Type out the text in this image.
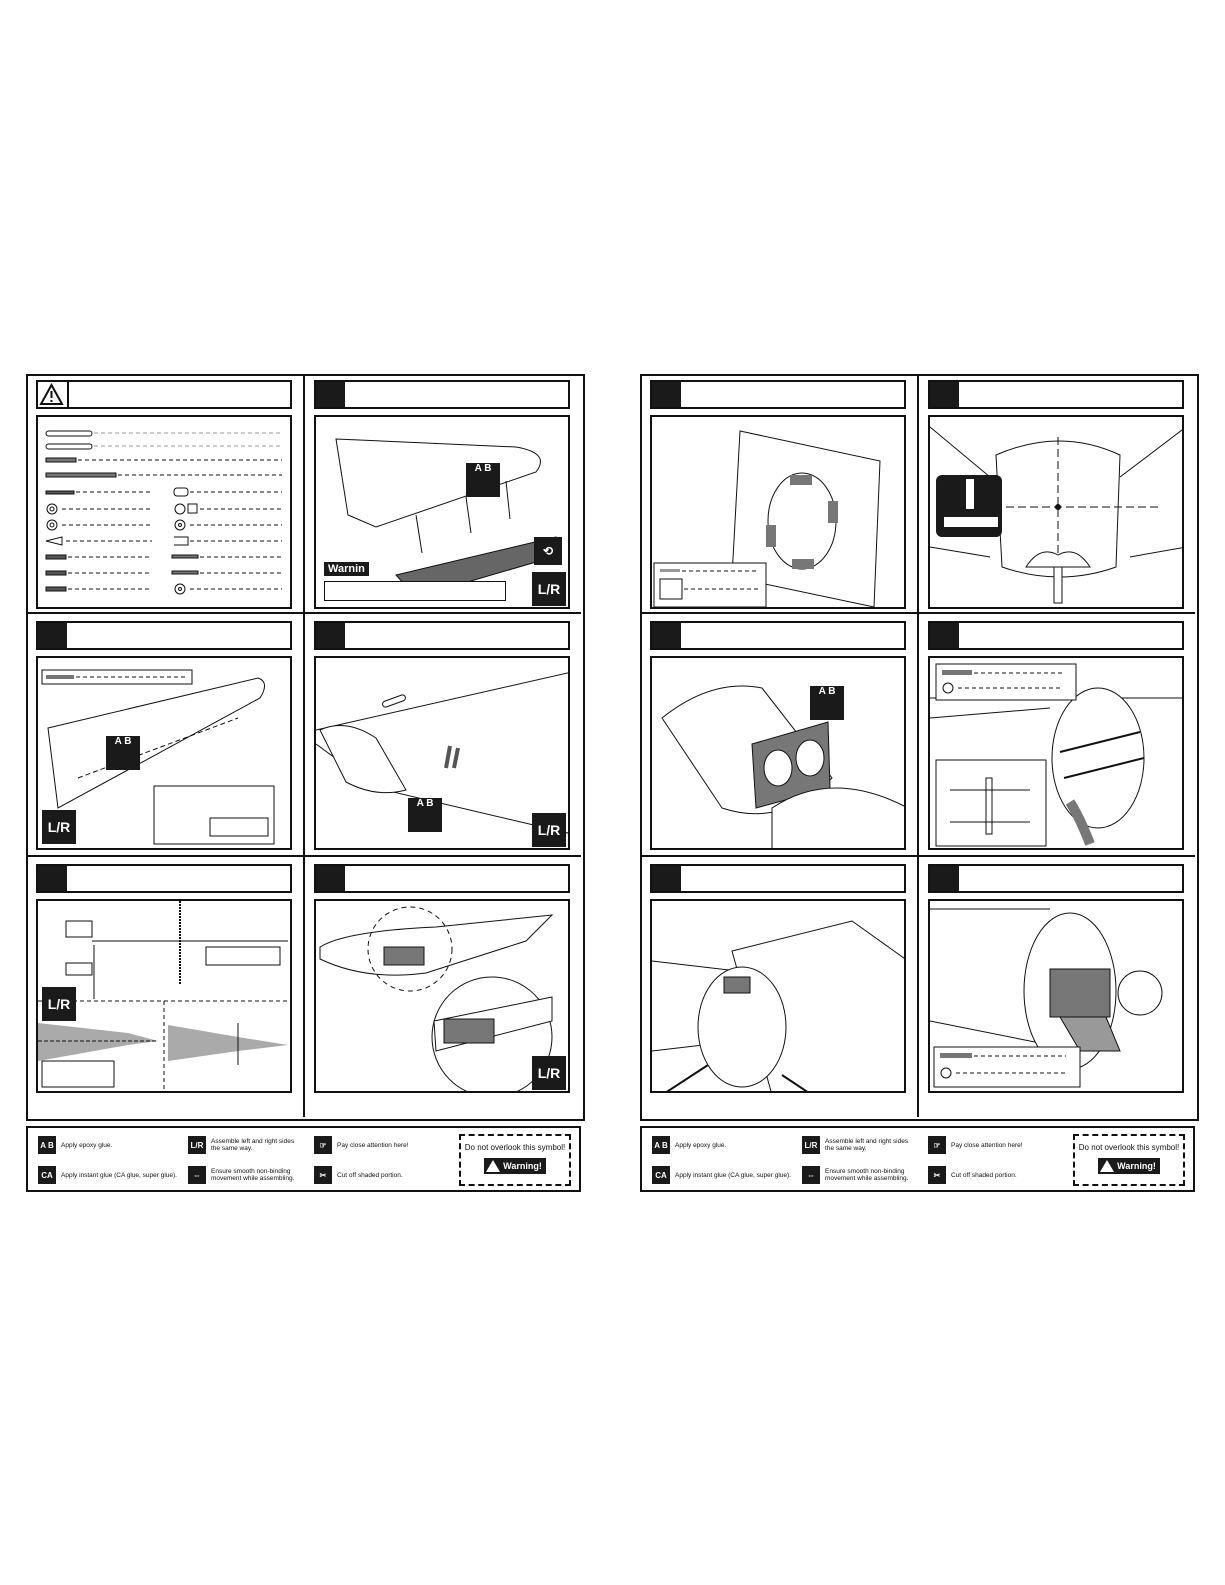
A B
Warnin
L/R
⟲
A B
L/R
A B
L/R
L/R
L/R
A B	Apply epoxy glue.
CA	Apply instant glue (CA glue, super glue).
L/R	Assemble left and right sides
the same way.
⇔	Ensure smooth non-binding
movement while assembling.
☞	Pay close attention here!
✂	Cut off shaded portion.
Do not overlook this symbol!
Warning!
A B
A B	Apply epoxy glue.
CA	Apply instant glue (CA glue, super glue).
L/R	Assemble left and right sides
the same way.
⇔	Ensure smooth non-binding
movement while assembling.
☞	Pay close attention here!
✂	Cut off shaded portion.
Do not overlook this symbol!
Warning!
